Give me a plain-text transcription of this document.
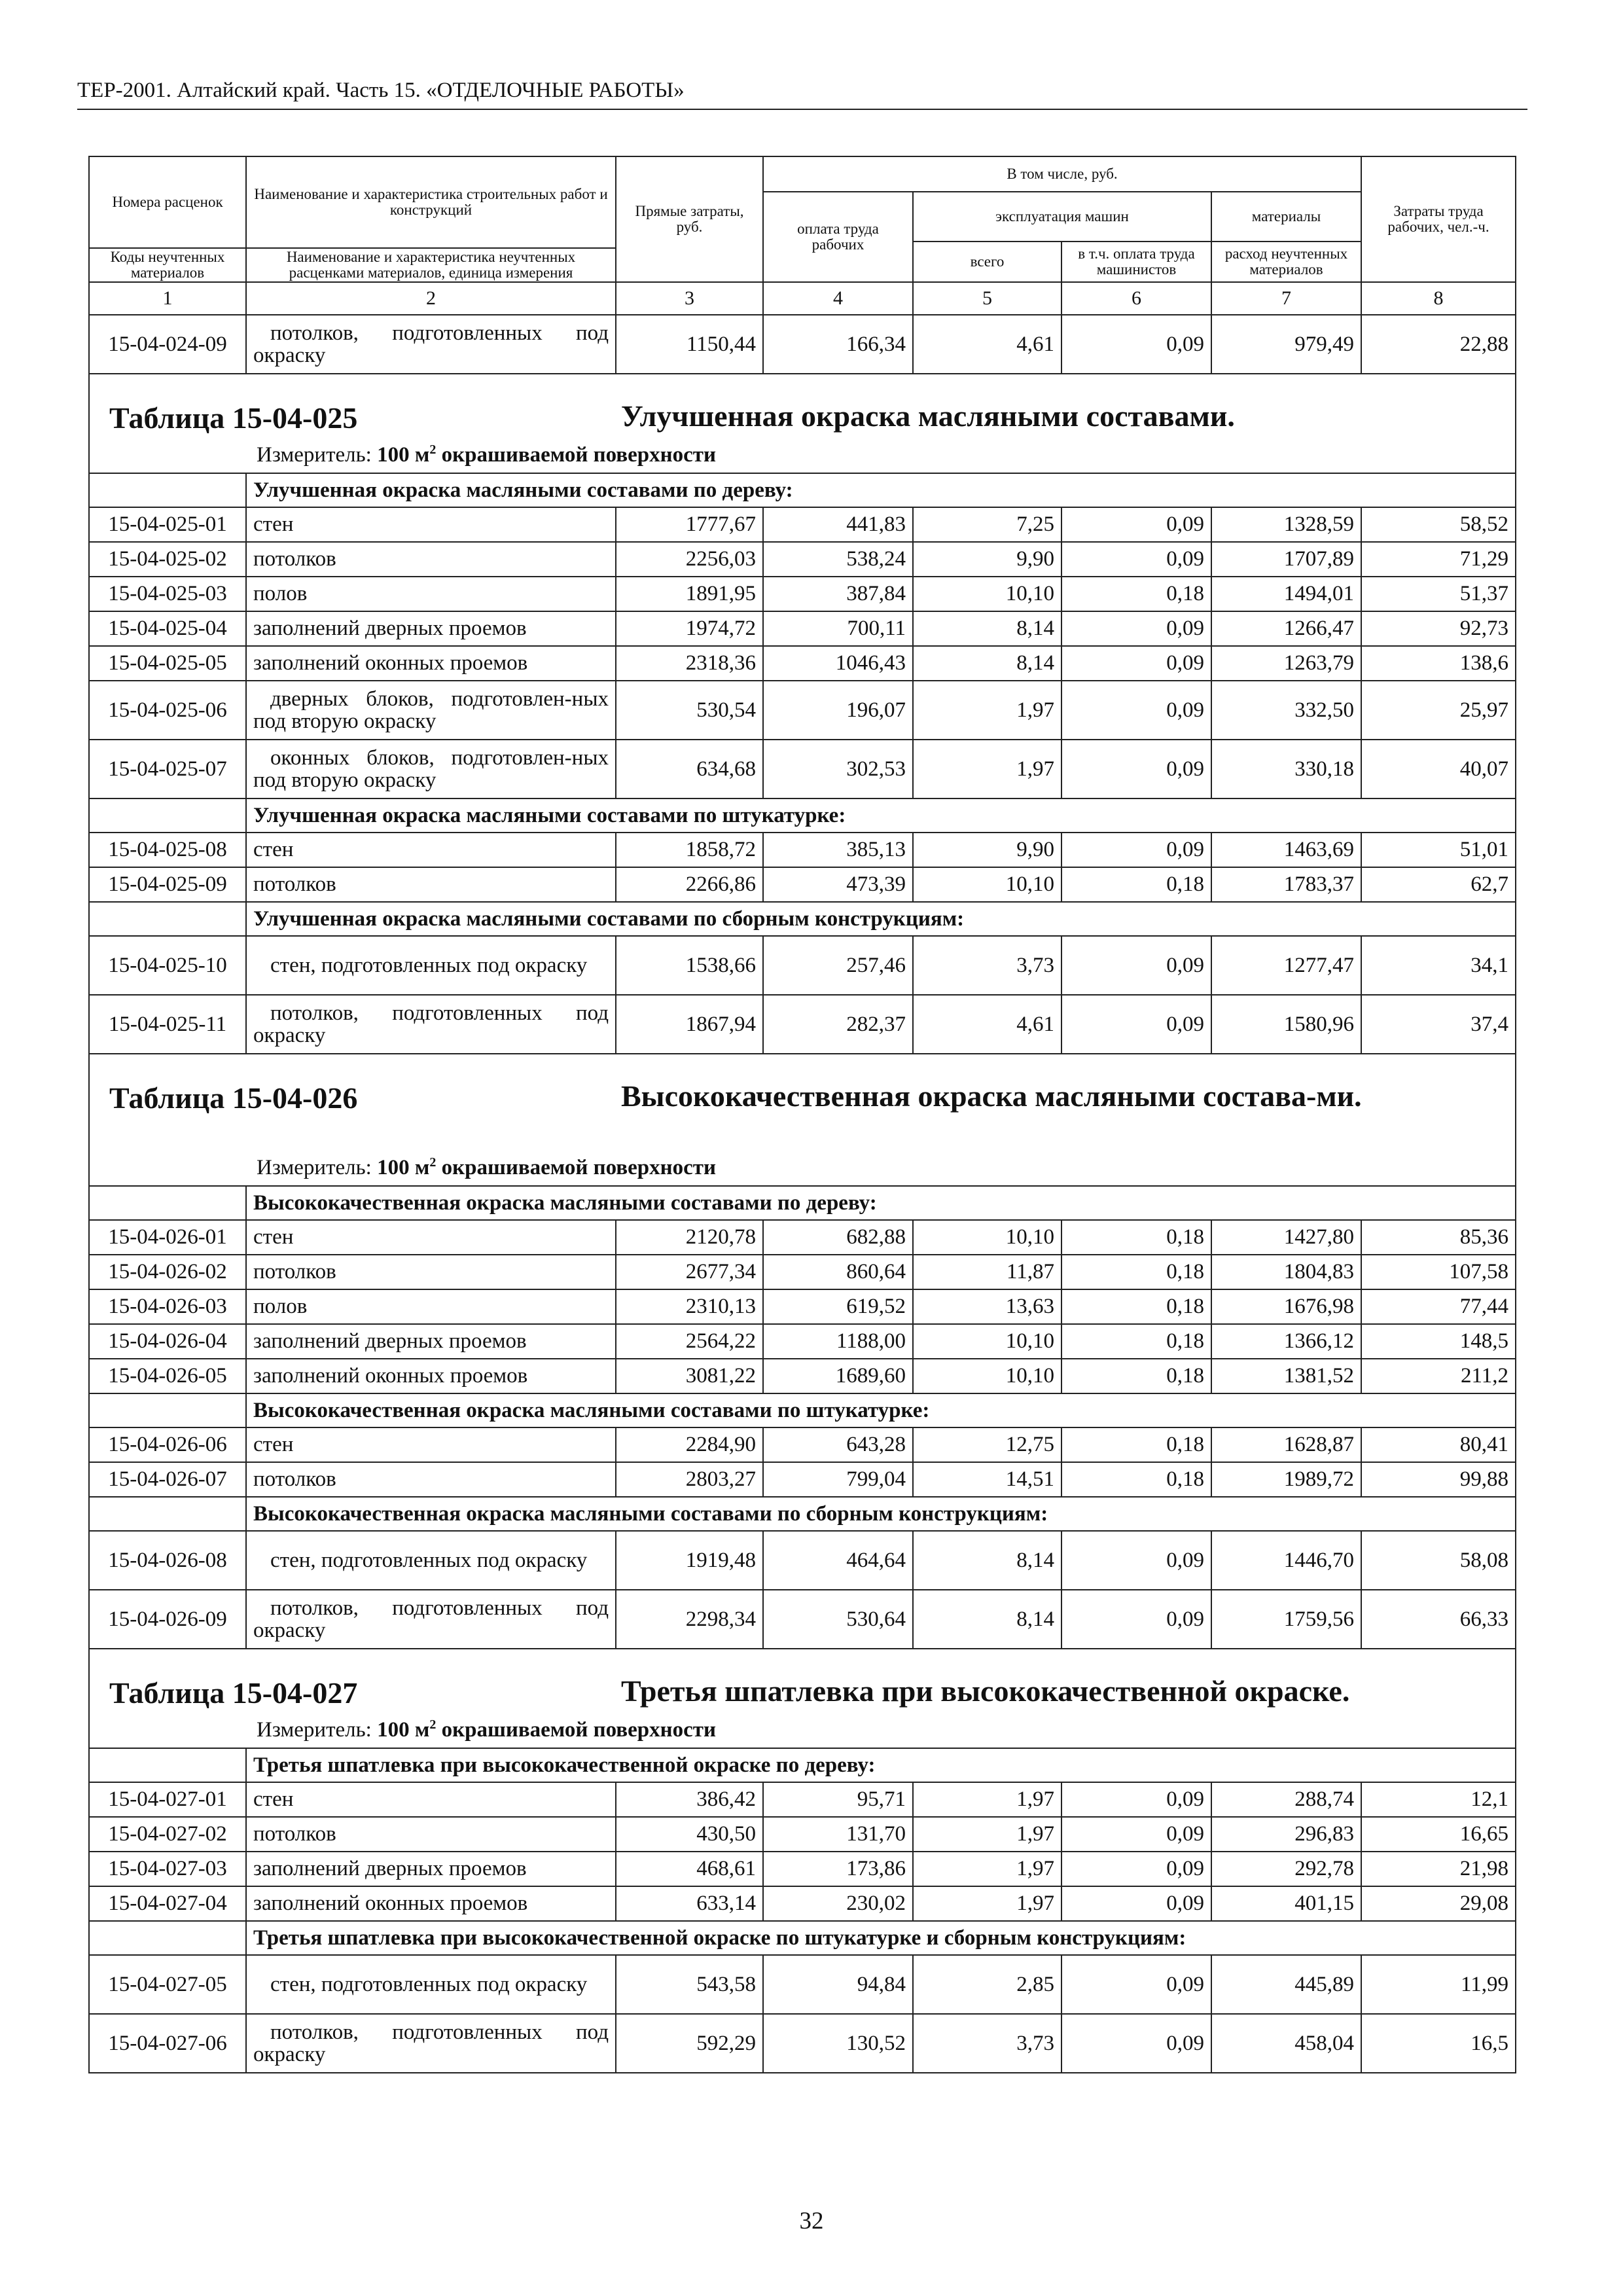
ТЕР-2001. Алтайский край. Часть 15. «ОТДЕЛОЧНЫЕ РАБОТЫ»
Номера расценок	Наименование и характеристика строительных работ и конструкций	Прямые затраты, руб.	В том числе, руб.				Затраты труда рабочих, чел.-ч.
			оплата труда рабочих	эксплуатация машин		материалы	
				всего	в т.ч. оплата труда машинистов	расход неучтенных материалов	
Коды неучтенных материалов	Наименование и характеристика неучтенных расценками материалов, единица измерения						

1	2	3	4	5	6	7	8
15-04-024-09	потолков, подготовленных под окраску	1150,44	166,34	4,61	0,09	979,49	22,88

Таблица 15-04-025 Улучшенная окраска масляными составами.
Измеритель: 100 $м^2$ окрашиваемой поверхности							

	Улучшенная окраска масляными составами по дереву:						
15-04-025-01	стен	1777,67	441,83	7,25	0,09	1328,59	58,52
15-04-025-02	потолков	2256,03	538,24	9,90	0,09	1707,89	71,29
15-04-025-03	полов	1891,95	387,84	10,10	0,18	1494,01	51,37
15-04-025-04	заполнений дверных проемов	1974,72	700,11	8,14	0,09	1266,47	92,73
15-04-025-05	заполнений оконных проемов	2318,36	1046,43	8,14	0,09	1263,79	138,6
15-04-025-06	дверных блоков, подготовлен-ных под вторую окраску	530,54	196,07	1,97	0,09	332,50	25,97
15-04-025-07	оконных блоков, подготовлен-ных под вторую окраску	634,68	302,53	1,97	0,09	330,18	40,07
	Улучшенная окраска масляными составами по штукатурке:						
15-04-025-08	стен	1858,72	385,13	9,90	0,09	1463,69	51,01
15-04-025-09	потолков	2266,86	473,39	10,10	0,18	1783,37	62,7
	Улучшенная окраска масляными составами по сборным конструкциям:						
15-04-025-10	стен, подготовленных под окраску	1538,66	257,46	3,73	0,09	1277,47	34,1
15-04-025-11	потолков, подготовленных под окраску	1867,94	282,37	4,61	0,09	1580,96	37,4

Таблица 15-04-026 Высококачественная окраска масляными состава-ми.
Измеритель: 100 $м^2$ окрашиваемой поверхности							

	Высококачественная окраска масляными составами по дереву:						
15-04-026-01	стен	2120,78	682,88	10,10	0,18	1427,80	85,36
15-04-026-02	потолков	2677,34	860,64	11,87	0,18	1804,83	107,58
15-04-026-03	полов	2310,13	619,52	13,63	0,18	1676,98	77,44
15-04-026-04	заполнений дверных проемов	2564,22	1188,00	10,10	0,18	1366,12	148,5
15-04-026-05	заполнений оконных проемов	3081,22	1689,60	10,10	0,18	1381,52	211,2
	Высококачественная окраска масляными составами по штукатурке:						
15-04-026-06	стен	2284,90	643,28	12,75	0,18	1628,87	80,41
15-04-026-07	потолков	2803,27	799,04	14,51	0,18	1989,72	99,88
	Высококачественная окраска масляными составами по сборным конструкциям:						
15-04-026-08	стен, подготовленных под окраску	1919,48	464,64	8,14	0,09	1446,70	58,08
15-04-026-09	потолков, подготовленных под окраску	2298,34	530,64	8,14	0,09	1759,56	66,33

Таблица 15-04-027 Третья шпатлевка при высококачественной окраске.
Измеритель: 100 $м^2$ окрашиваемой поверхности							

	Третья шпатлевка при высококачественной окраске по дереву:						
15-04-027-01	стен	386,42	95,71	1,97	0,09	288,74	12,1
15-04-027-02	потолков	430,50	131,70	1,97	0,09	296,83	16,65
15-04-027-03	заполнений дверных проемов	468,61	173,86	1,97	0,09	292,78	21,98
15-04-027-04	заполнений оконных проемов	633,14	230,02	1,97	0,09	401,15	29,08
	Третья шпатлевка при высококачественной окраске по штукатурке и сборным конструкциям:						
15-04-027-05	стен, подготовленных под окраску	543,58	94,84	2,85	0,09	445,89	11,99
15-04-027-06	потолков, подготовленных под окраску	592,29	130,52	3,73	0,09	458,04	16,5
32
